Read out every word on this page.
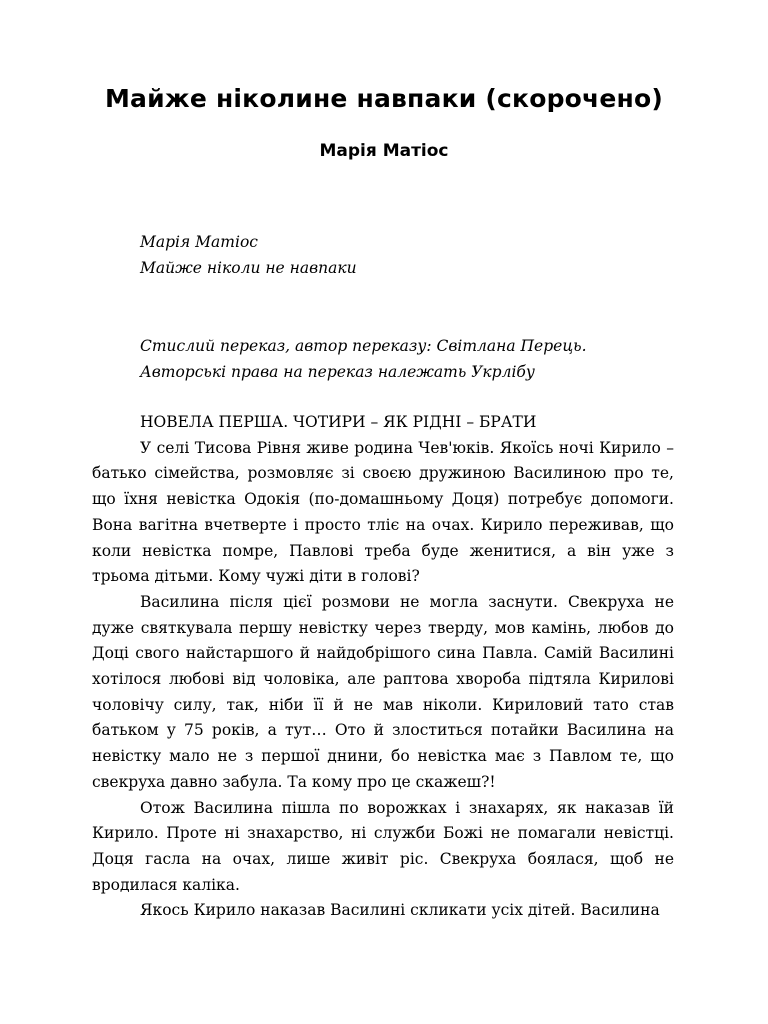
Майже ніколине навпаки (скорочено)
Марія Матіос
Марія Матіос
Майже ніколи не навпаки
Стислий переказ, автор переказу: Світлана Перець.
Авторські права на переказ належать Укрлібу
НОВЕЛА ПЕРША. ЧОТИРИ – ЯК РІДНІ – БРАТИ

У селі Тисова Рівня живе родина Чев'юків. Якоїсь ночі Кирило – батько сімейства, розмовляє зі своєю дружиною Василиною про те, що їхня невістка Одокія (по-домашньому Доця) потребує допомоги. Вона вагітна вчетверте і просто тліє на очах. Кирило переживав, що коли невістка помре, Павлові треба буде женитися, а він уже з трьома дітьми. Кому чужі діти в голові?

Василина після цієї розмови не могла заснути. Свекруха не дуже святкувала першу невістку через тверду, мов камінь, любов до Доці свого найстаршого й найдобрішого сина Павла. Самій Василині хотілося любові від чоловіка, але раптова хвороба підтяла Кирилові чоловічу силу, так, ніби її й не мав ніколи. Кириловий тато став батьком у 75 років, а тут… Ото й злоститься потайки Василина на невістку мало не з першої днини, бо невістка має з Павлом те, що свекруха давно забула. Та кому про це скажеш?!

Отож Василина пішла по ворожках і знахарях, як наказав їй Кирило. Проте ні знахарство, ні служби Божі не помагали невістці. Доця гасла на очах, лише живіт ріс. Свекруха боялася, щоб не вродилася каліка.

Якось Кирило наказав Василині скликати усіх дітей. Василина
